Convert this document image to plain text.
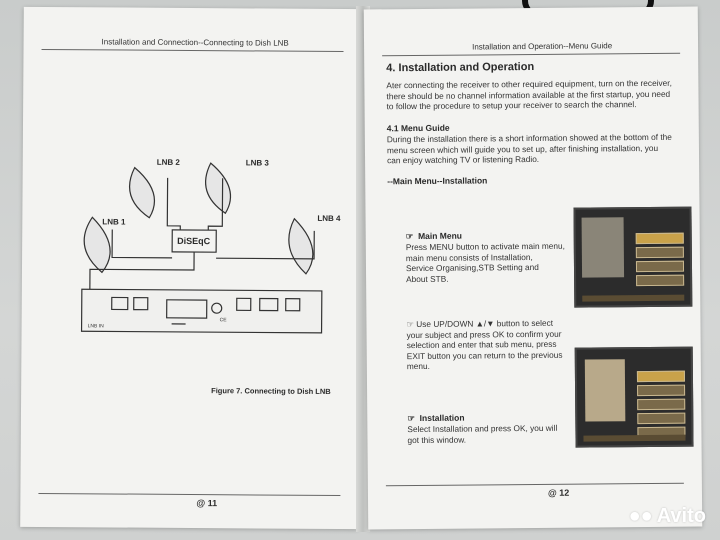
Installation and Connection--Connecting to Dish LNB
LNB IN
CE
LNB 1
LNB 2	LNB 3
LNB 4
DiSEqC
Figure 7. Connecting to Dish LNB
@ 11
Installation and Operation--Menu Guide
4. Installation and Operation
Ater connecting the receiver to other required equipment, turn on the receiver,
there should be no channel information available at the first startup, you need
to follow the procedure to setup your receiver to search the channel.
4.1 Menu Guide
During the installation there is a short information showed at the bottom of the
menu screen which will guide you to set up, after finishing installation, you
can enjoy watching TV or listening Radio.
--Main Menu--Installation
☞  Main Menu
Press MENU button to activate main menu,
main menu consists of Installation,
Service Organising,STB Setting and
About STB.
☞ Use UP/DOWN ▲/▼ button to select
your subject and press OK to confirm your
selection and enter that sub menu, press
EXIT button you can return to the previous
menu.
☞  Installation
Select Installation and press OK, you will
got this window.
@ 12
●● Avito
